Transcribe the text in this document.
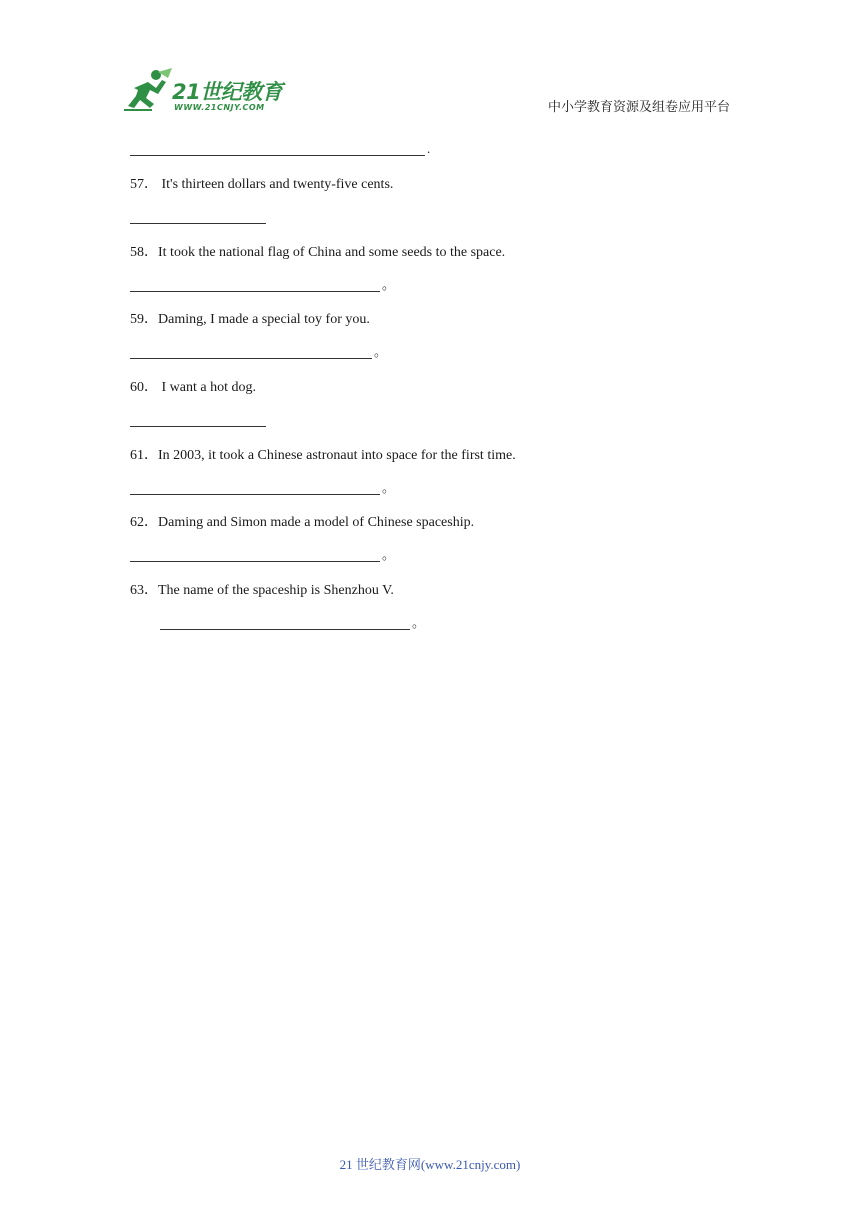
21世纪教育
WWW.21CNJY.COM	中小学教育资源及组卷应用平台
.
57． It's thirteen dollars and twenty-five cents.
58．It took the national flag of China and some seeds to the space.
。
59．Daming, I made a special toy for you.
。
60． I want a hot dog.
61．In 2003, it took a Chinese astronaut into space for the first time.
。
62．Daming and Simon made a model of Chinese spaceship.
。
63．The name of the spaceship is Shenzhou V.
。
21 世纪教育网(www.21cnjy.com)
